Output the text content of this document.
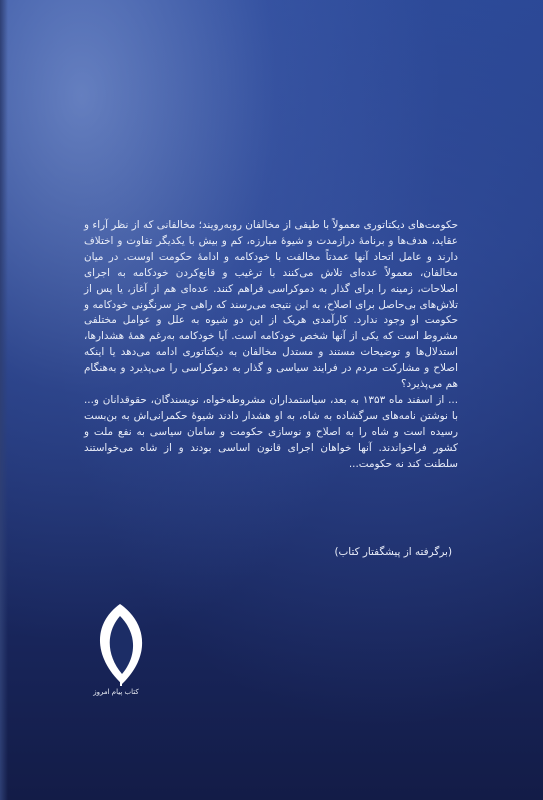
حکومت‌های دیکتاتوری معمولاً با طیفی از مخالفان روبه‌رویند؛ مخالفانی که از نظر آراء و عقاید، هدف‌ها و برنامهٔ درازمدت و شیوهٔ مبارزه، کم و بیش با یکدیگر تفاوت و اختلاف دارند و عامل اتحاد آنها عمدتاً مخالفت با خودکامه و ادامهٔ حکومت اوست. در میان مخالفان، معمولاً عده‌ای تلاش می‌کنند با ترغیب و قانع‌کردن خودکامه به اجرای اصلاحات، زمینه را برای گذار به دموکراسی فراهم کنند. عده‌ای هم از آغاز، یا پس از تلاش‌های بی‌حاصل برای اصلاح، به این نتیجه می‌رسند که راهی جز سرنگونی خودکامه و حکومت او وجود ندارد. کارآمدی هریک از این دو شیوه به علل و عوامل مختلفی مشروط است که یکی از آنها شخص خودکامه است. آیا خودکامه به‌رغم همهٔ هشدارها، استدلال‌ها و توضیحات مستند و مستدل مخالفان به دیکتاتوری ادامه می‌دهد یا اینکه اصلاح و مشارکت مردم در فرایند سیاسی و گذار به دموکراسی را می‌پذیرد و به‌هنگام هم می‌پذیرد؟

... از اسفند ماه ۱۳۵۳ به بعد، سیاستمداران مشروطه‌خواه، نویسندگان، حقوقدانان و... با نوشتن نامه‌های سرگشاده به شاه، به او هشدار دادند شیوهٔ حکمرانی‌اش به بن‌بست رسیده است و شاه را به اصلاح و نوسازی حکومت و سامان سیاسی به نفع ملت و کشور فراخواندند. آنها خواهان اجرای قانون اساسی بودند و از شاه می‌خواستند سلطنت کند نه حکومت...

(برگرفته از پیشگفتار کتاب)
کتاب پیام امروز
